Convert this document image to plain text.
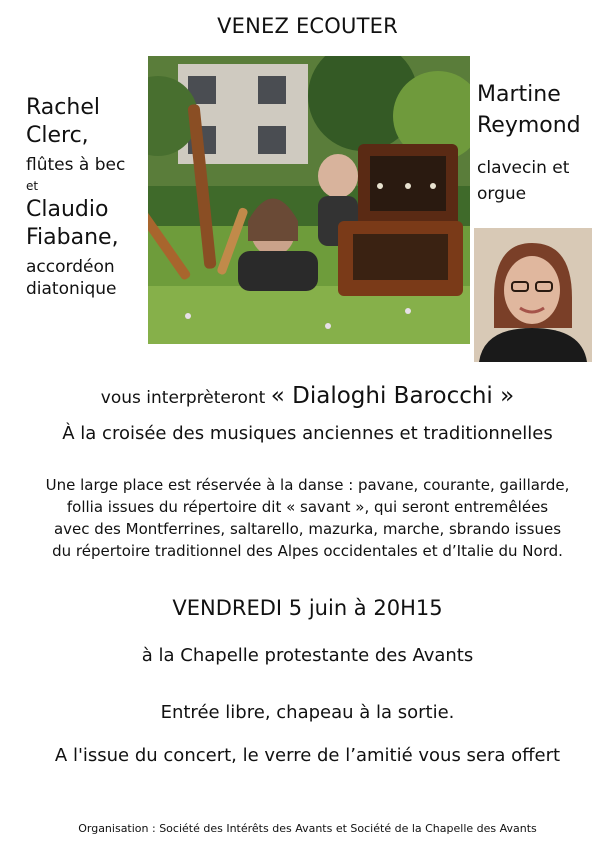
VENEZ ECOUTER
Rachel
Clerc,
flûtes à bec
et
Claudio
Fiabane,
accordéon
diatonique
Martine
Reymond
clavecin et
orgue
vous interprèteront « Dialoghi Barocchi »
À la croisée des musiques anciennes et traditionnelles
Une large place est réservée à la danse : pavane, courante, gaillarde,
follia issues du répertoire dit « savant », qui seront entremêlées
avec des Montferrines, saltarello, mazurka, marche, sbrando issues
du répertoire traditionnel des Alpes occidentales et d’Italie du Nord.
VENDREDI 5 juin à 20H15
à la Chapelle protestante des Avants
Entrée libre, chapeau à la sortie.
A l'issue du concert, le verre de l’amitié vous sera offert
Organisation : Société des Intérêts des Avants et Société de la Chapelle des Avants
